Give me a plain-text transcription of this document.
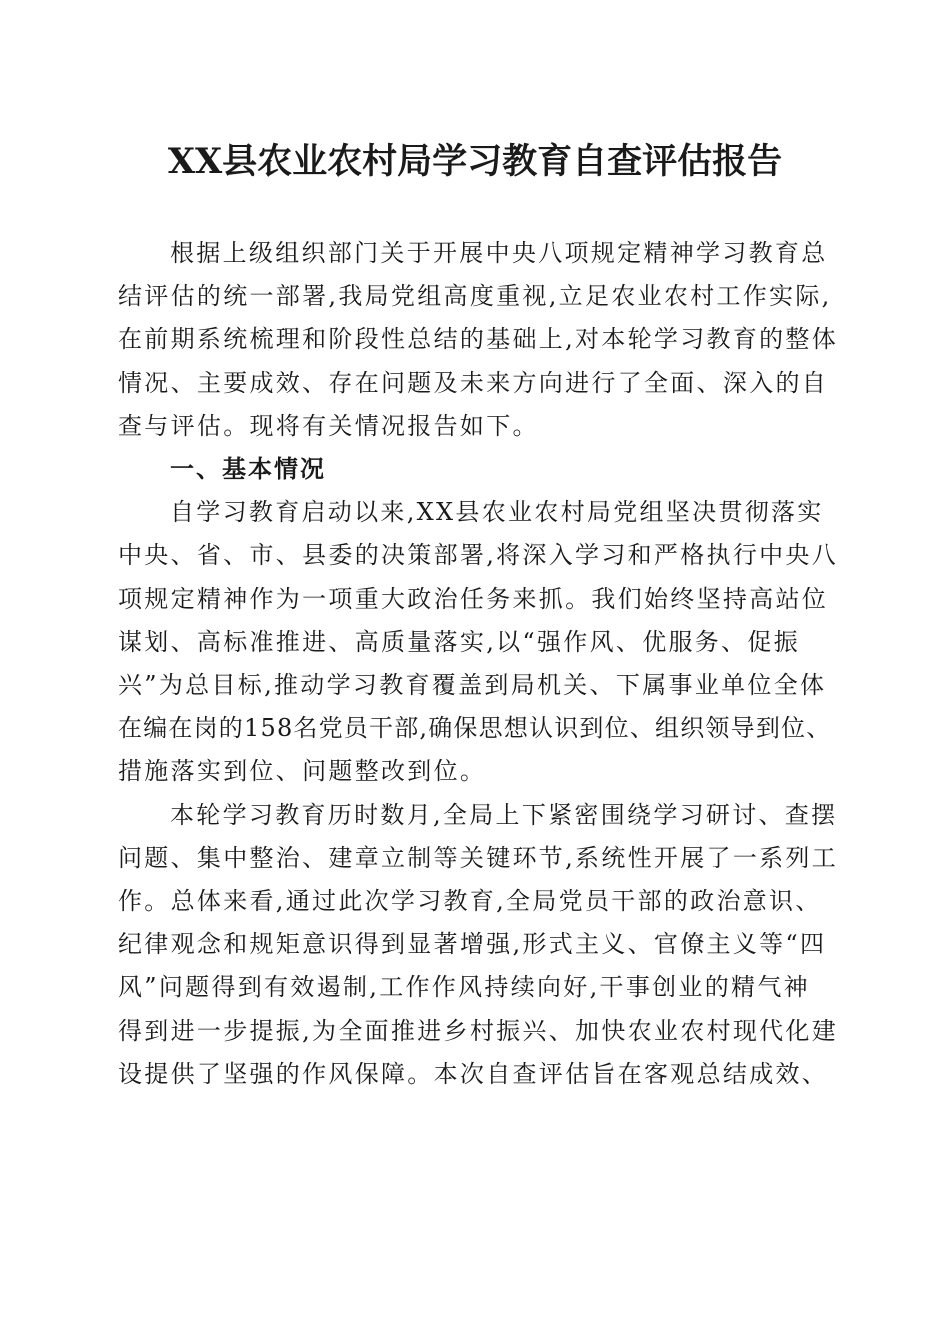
XX县农业农村局学习教育自查评估报告

根据上级组织部门关于开展中央八项规定精神学习教育总
结评估的统一部署,我局党组高度重视,立足农业农村工作实际,
在前期系统梳理和阶段性总结的基础上,对本轮学习教育的整体
情况、主要成效、存在问题及未来方向进行了全面、深入的自
查与评估。现将有关情况报告如下。

一、基本情况

自学习教育启动以来,XX县农业农村局党组坚决贯彻落实
中央、省、市、县委的决策部署,将深入学习和严格执行中央八
项规定精神作为一项重大政治任务来抓。我们始终坚持高站位
谋划、高标准推进、高质量落实,以“强作风、优服务、促振
兴”为总目标,推动学习教育覆盖到局机关、下属事业单位全体
在编在岗的158名党员干部,确保思想认识到位、组织领导到位、
措施落实到位、问题整改到位。

本轮学习教育历时数月,全局上下紧密围绕学习研讨、查摆
问题、集中整治、建章立制等关键环节,系统性开展了一系列工
作。总体来看,通过此次学习教育,全局党员干部的政治意识、
纪律观念和规矩意识得到显著增强,形式主义、官僚主义等“四
风”问题得到有效遏制,工作作风持续向好,干事创业的精气神
得到进一步提振,为全面推进乡村振兴、加快农业农村现代化建
设提供了坚强的作风保障。本次自查评估旨在客观总结成效、
